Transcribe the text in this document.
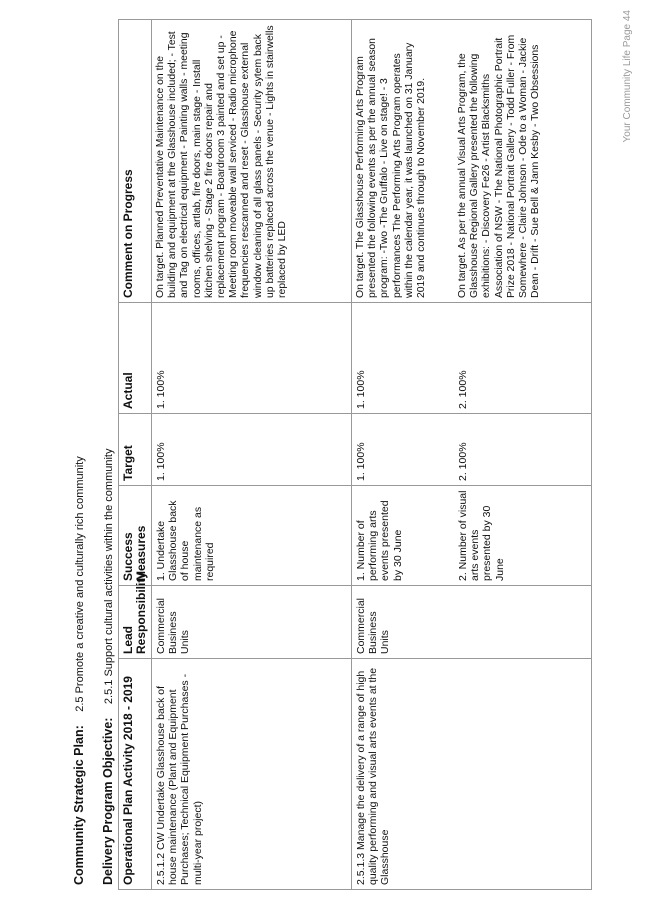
Community Strategic Plan: 2.5 Promote a creative and culturally rich community
Delivery Program Objective: 2.5.1 Support cultural activities within the community
Operational Plan Activity 2018 - 2019	Lead Responsibility	Success Measures	Target	Actual	Comment on Progress
2.5.1.2 CW Undertake Glasshouse back of house maintenance (Plant and Equipment Purchases; Technical Equipment Purchases - multi-year project)	Commercial Business Units	1. Undertake Glasshouse back of house maintenance as required	1. 100%	1. 100%	On target. Planned Preventative Maintenance on the building and equipment at the Glasshouse included; - Test and Tag on electrical equipment - Painting walls - meeting rooms, offices, artlab, fire doors, main stage - Install kitchen shelving - Stage 2 fire doors repair and replacement program - Boardroom 3 painted and set up - Meeting room moveable wall serviced - Radio microphone frequencies rescanned and reset - Glasshouse external window cleaning of all glass panels - Security sytem back up batteries replaced across the venue - Lights in stairwells replaced by LED

2.5.1.3 Manage the delivery of a range of high quality performing and visual arts events at the Glasshouse	Commercial Business Units	1. Number of performing arts events presented by 30 June 2. Number of visual arts events presented by 30 June	1. 100% 2. 100%	1. 100% 2. 100%	On target. The Glasshouse Performing Arts Program presented the following events as per the annual season program: -Two -The Gruffalo - Live on stage! - 3 performances The Performing Arts Program operates within the calendar year, it was launched on 31 January 2019 and continues through to November 2019. On target. As per the annual Visual Arts Program, the Glasshouse Regional Gallery presented the following exhibitions: - Discovery Fe26 - Artist Blacksmiths Association of NSW - The National Photographic Portrait Prize 2018 - National Portrait Gallery - Todd Fuller - From Somewhere - Claire Johnson - Ode to a Woman - Jackie Dean - Drift - Sue Bell & Jann Kesby - Two Obsessions	Your Community Life Page 44
